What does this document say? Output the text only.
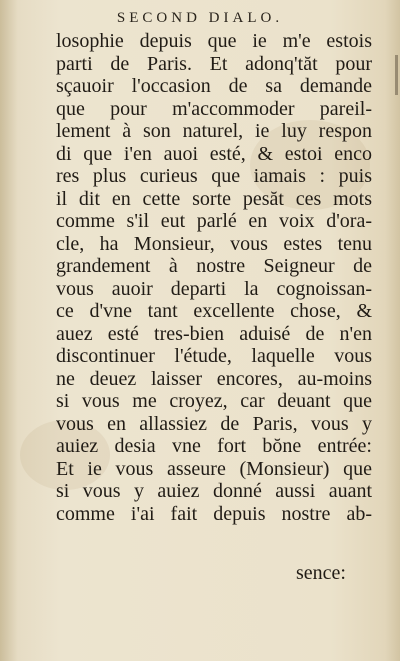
SECOND DIALO.
losophie depuis que ie m'e estois
parti de Paris. Et adonq'tăt pour
sçauoir l'occasion de sa demande
que pour m'accommoder pareil-
lement à son naturel, ie luy respon
di que i'en auoi esté, & estoi enco
res plus curieus que iamais : puis
il dit en cette sorte pesăt ces mots
comme s'il eut parlé en voix d'ora-
cle, ha Monsieur, vous estes tenu
grandement à nostre Seigneur de
vous auoir departi la cognoissan-
ce d'vne tant excellente chose, &
auez esté tres-bien aduisé de n'en
discontinuer l'étude, laquelle vous
ne deuez laisser encores, au-moins
si vous me croyez, car deuant que
vous en allassiez de Paris, vous y
auiez desia vne fort bŏne entrée:
Et ie vous asseure (Monsieur) que
si vous y auiez donné aussi auant
comme i'ai fait depuis nostre ab-
sence:
